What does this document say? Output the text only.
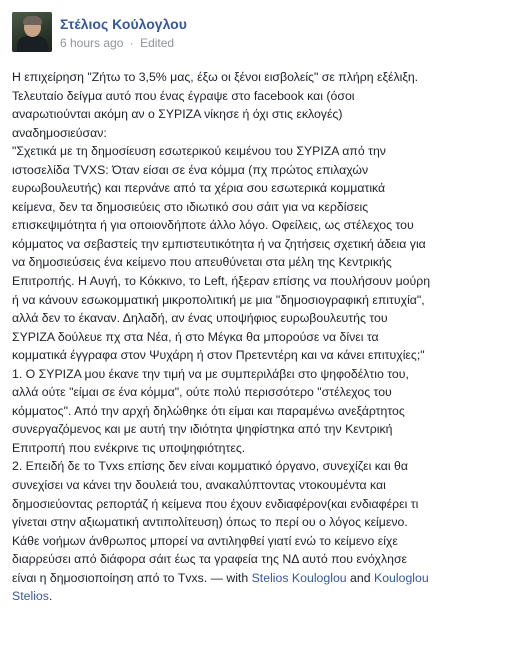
Στέλιος Κούλογλου
6 hours ago · Edited
Η επιχείρηση "Ζήτω το 3,5% μας, έξω οι ξένοι εισβολείς" σε πλήρη εξέλιξη.
Τελευταίο δείγμα αυτό που ένας έγραψε στο facebook και (όσοι
αναρωτιούνται ακόμη αν ο ΣΥΡΙΖΑ νίκησε ή όχι στις εκλογές)
αναδημοσιεύσαν:
"Σχετικά με τη δημοσίευση εσωτερικού κειμένου του ΣΥΡΙΖΑ από την
ιστοσελίδα TVXS: Όταν είσαι σε ένα κόμμα (πχ πρώτος επιλαχών
ευρωβουλευτής) και περνάνε από τα χέρια σου εσωτερικά κομματικά
κείμενα, δεν τα δημοσιεύεις στο ιδιωτικό σου σάιτ για να κερδίσεις
επισκεψιμότητα ή για οποιονδήποτε άλλο λόγο. Οφείλεις, ως στέλεχος του
κόμματος να σεβαστείς την εμπιστευτικότητα ή να ζητήσεις σχετική άδεια για
να δημοσιεύσεις ένα κείμενο που απευθύνεται στα μέλη της Κεντρικής
Επιτροπής. Η Αυγή, το Κόκκινο, το Left, ήξεραν επίσης να πουλήσουν μούρη
ή να κάνουν εσωκομματική μικροπολιτική με μια "δημοσιογραφική επιτυχία",
αλλά δεν το έκαναν. Δηλαδή, αν ένας υποψήφιος ευρωβουλευτής του
ΣΥΡΙΖΑ δούλευε πχ στα Νέα, ή στο Μέγκα θα μπορούσε να δίνει τα
κομματικά έγγραφα στον Ψυχάρη ή στον Πρετεντέρη και να κάνει επιτυχίες;"
1. Ο ΣΥΡΙΖΑ μου έκανε την τιμή να με συμπεριλάβει στο ψηφοδέλτιο του,
αλλά ούτε "είμαι σε ένα κόμμα", ούτε πολύ περισσότερο "στέλεχος του
κόμματος". Από την αρχή δηλώθηκε ότι είμαι και παραμένω ανεξάρτητος
συνεργαζόμενος και με αυτή την ιδιότητα ψηφίστηκα από την Κεντρική
Επιτροπή που ενέκρινε τις υποψηφιότητες.
2. Επειδή δε το Tvxs επίσης δεν είναι κομματικό όργανο, συνεχίζει και θα
συνεχίσει να κάνει την δουλειά του, ανακαλύπτοντας ντοκουμέντα και
δημοσιεύοντας ρεπορτάζ ή κείμενα που έχουν ενδιαφέρον(και ενδιαφέρει τι
γίνεται στην αξιωματική αντιπολίτευση) όπως το περί ου ο λόγος κείμενο.
Κάθε νοήμων άνθρωπος μπορεί να αντιληφθεί γιατί ενώ το κείμενο είχε
διαρρεύσει από διάφορα σάιτ έως τα γραφεία της ΝΔ αυτό που ενόχλησε
είναι η δημοσιοποίηση από το Tvxs. — with Stelios Kouloglou and Kouloglou
Stelios.
